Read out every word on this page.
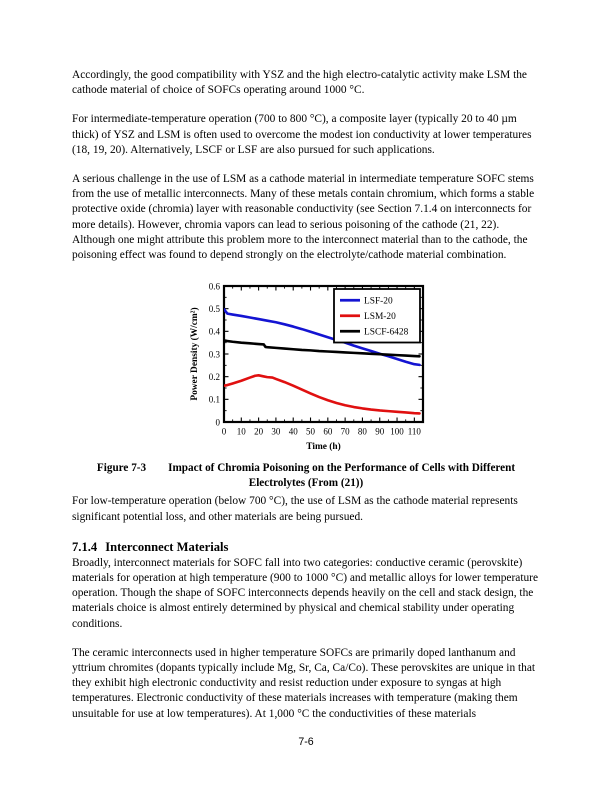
Accordingly, the good compatibility with YSZ and the high electro-catalytic activity make LSM the cathode material of choice of SOFCs operating around 1000 °C.

For intermediate-temperature operation (700 to 800 °C), a composite layer (typically 20 to 40 µm thick) of YSZ and LSM is often used to overcome the modest ion conductivity at lower temperatures (18, 19, 20). Alternatively, LSCF or LSF are also pursued for such applications.

A serious challenge in the use of LSM as a cathode material in intermediate temperature SOFC stems from the use of metallic interconnects. Many of these metals contain chromium, which forms a stable protective oxide (chromia) layer with reasonable conductivity (see Section 7.1.4 on interconnects for more details). However, chromia vapors can lead to serious poisoning of the cathode (21, 22). Although one might attribute this problem more to the interconnect material than to the cathode, the poisoning effect was found to depend strongly on the electrolyte/cathode material combination.

0 10 20 30 40 50 60 70 80 90 100 110
0
0.1
0.2
0.3
0.4
0.5
0.6
Time (h)
Power Density (W/cm²)
LSF-20
LSM-20
LSCF-6428
Figure 7-3 Impact of Chromia Poisoning on the Performance of Cells with Different
Electrolytes (From (21))

For low-temperature operation (below 700 °C), the use of LSM as the cathode material represents significant potential loss, and other materials are being pursued.

7.1.4 Interconnect Materials

Broadly, interconnect materials for SOFC fall into two categories: conductive ceramic (perovskite) materials for operation at high temperature (900 to 1000 °C) and metallic alloys for lower temperature operation. Though the shape of SOFC interconnects depends heavily on the cell and stack design, the materials choice is almost entirely determined by physical and chemical stability under operating conditions.

The ceramic interconnects used in higher temperature SOFCs are primarily doped lanthanum and yttrium chromites (dopants typically include Mg, Sr, Ca, Ca/Co). These perovskites are unique in that they exhibit high electronic conductivity and resist reduction under exposure to syngas at high temperatures. Electronic conductivity of these materials increases with temperature (making them unsuitable for use at low temperatures). At 1,000 °C the conductivities of these materials

7-6
